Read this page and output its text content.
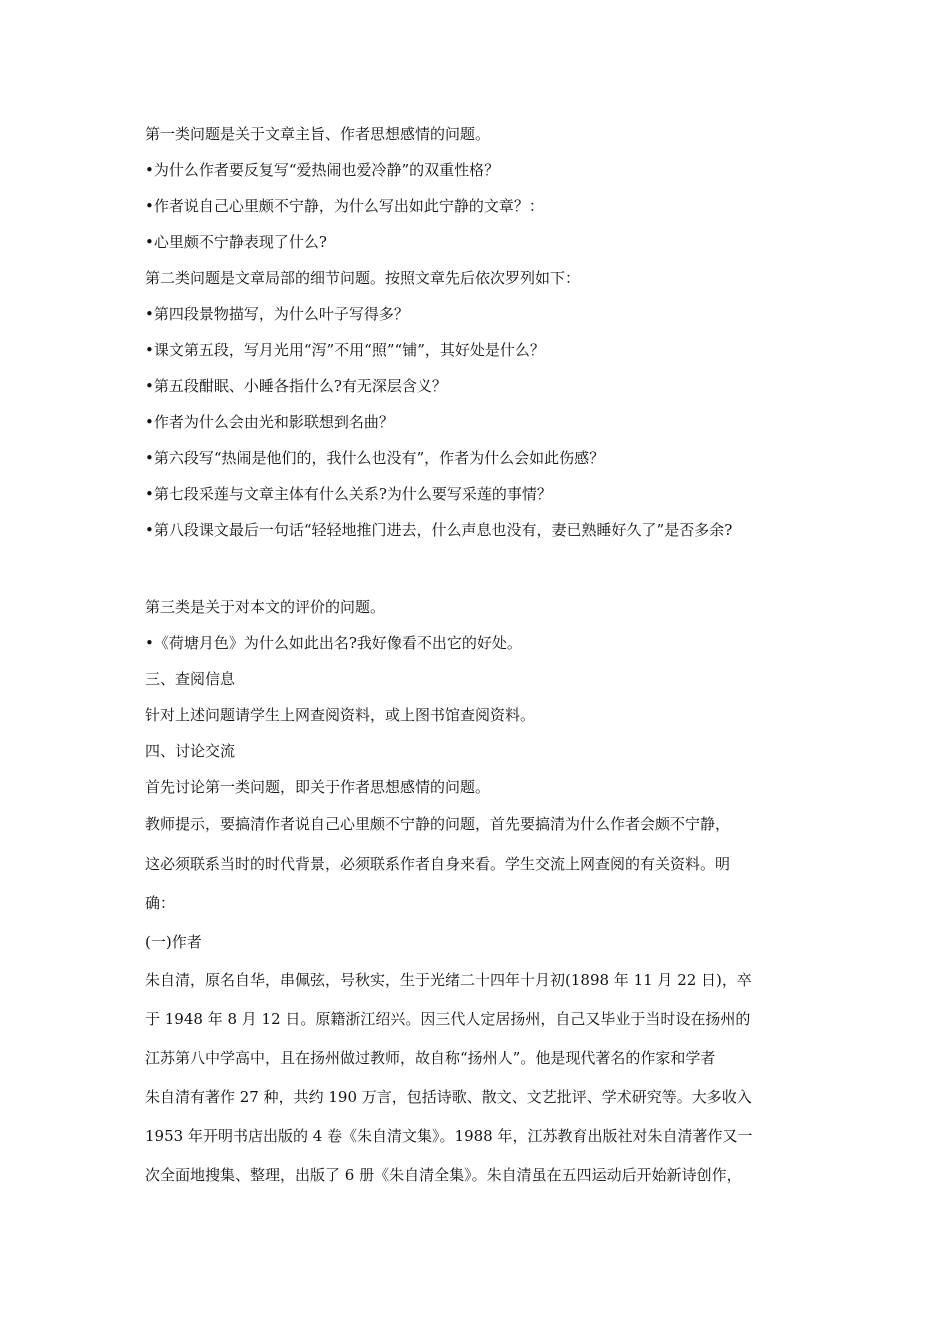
第一类问题是关于文章主旨、作者思想感情的问题。
•为什么作者要反复写“爱热闹也爱冷静”的双重性格？
•作者说自己心里颇不宁静，为什么写出如此宁静的文章？：
•心里颇不宁静表现了什么?
第二类问题是文章局部的细节问题。按照文章先后依次罗列如下：
•第四段景物描写，为什么叶子写得多？
•课文第五段，写月光用“泻”不用“照”“铺”，其好处是什么？
•第五段酣眠、小睡各指什么?有无深层含义？
•作者为什么会由光和影联想到名曲？
•第六段写“热闹是他们的，我什么也没有”，作者为什么会如此伤感？
•第七段采莲与文章主体有什么关系?为什么要写采莲的事情？
•第八段课文最后一句话“轻轻地推门进去，什么声息也没有，妻已熟睡好久了”是否多余?
第三类是关于对本文的评价的问题。
•《荷塘月色》为什么如此出名?我好像看不出它的好处。
三、查阅信息
针对上述问题请学生上网查阅资料，或上图书馆查阅资料。
四、讨论交流
首先讨论第一类问题，即关于作者思想感情的问题。
教师提示，要搞清作者说自己心里颇不宁静的问题，首先要搞清为什么作者会颇不宁静，
这必须联系当时的时代背景，必须联系作者自身来看。学生交流上网查阅的有关资料。明
确：
(一)作者
朱自清，原名自华，串佩弦，号秋实，生于光绪二十四年十月初(1898 年 11 月 22 日)，卒
于 1948 年 8 月 12 日。原籍浙江绍兴。因三代人定居扬州，自己又毕业于当时设在扬州的
江苏第八中学高中，且在扬州做过教师，故自称“扬州人”。他是现代著名的作家和学者
朱自清有著作 27 种，共约 190 万言，包括诗歌、散文、文艺批评、学术研究等。大多收入
1953 年开明书店出版的 4 卷《朱自清文集》。1988 年，江苏教育出版社对朱自清著作又一
次全面地搜集、整理，出版了 6 册《朱自清全集》。朱自清虽在五四运动后开始新诗创作，
